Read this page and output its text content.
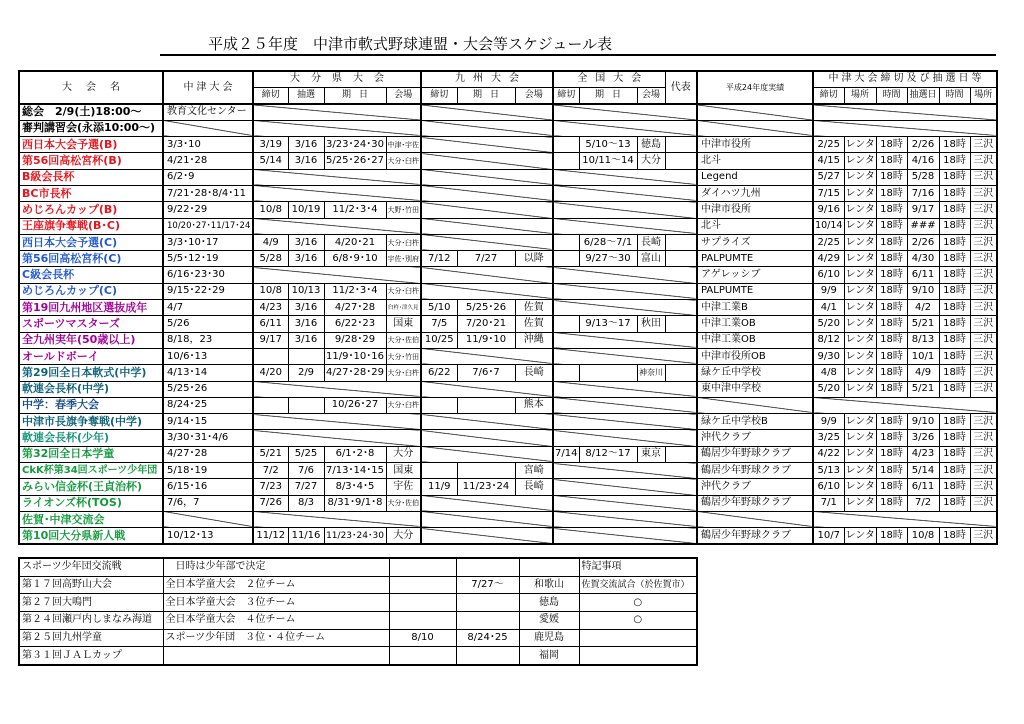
平成２５年度　中津市軟式野球連盟・大会等スケジュール表
大会名	中津大会	大分県大会				九州大会			全国大会			代表	平成24年度実績	中津大会締切及び抽選日等					
		締切	抽選	期日	会場	締切	期日	会場	締切	期日	会場			締切	場所	時間	抽選日	時間	場所
総会　2/9(土)18:00～	教育文化センター																		
審判講習会(永添10:00～)																			
西日本大会予選(B)	3/3･10	3/19	3/16	3/23･24･30	中津･宇佐					5/10～13	徳島		中津市役所	2/25	レンタ	18時	2/26	18時	三沢
第56回高松宮杯(B)	4/21･28	5/14	3/16	5/25･26･27	大分･臼杵					10/11～14	大分		北斗	4/15	レンタ	18時	4/16	18時	三沢
B級会長杯	6/2･9												Legend	5/27	レンタ	18時	5/28	18時	三沢
BC市長杯	7/21･28･8/4･11												ダイハツ九州	7/15	レンタ	18時	7/16	18時	三沢
めじろんカップ(B)	9/22･29	10/8	10/19	11/2･3･4	大野･竹田								中津市役所	9/16	レンタ	18時	9/17	18時	三沢
王座旗争奪戦(B･C)	10/20･27･11/17･24												北斗	10/14	レンタ	18時	###	18時	三沢
西日本大会予選(C)	3/3･10･17	4/9	3/16	4/20･21	大分･臼杵					6/28～7/1	長崎		サプライズ	2/25	レンタ	18時	2/26	18時	三沢
第56回高松宮杯(C)	5/5･12･19	5/28	3/16	6/8･9･10	宇佐･別府	7/12	7/27	以降		9/27～30	富山		PALPUMTE	4/29	レンタ	18時	4/30	18時	三沢
C級会長杯	6/16･23･30												アゲレッシブ	6/10	レンタ	18時	6/11	18時	三沢
めじろんカップ(C)	9/15･22･29	10/8	10/13	11/2･3･4	大分･臼杵								PALPUMTE	9/9	レンタ	18時	9/10	18時	三沢
第19回九州地区選抜成年	4/7	4/23	3/16	4/27･28	臼杵･津久見	5/10	5/25･26	佐賀					中津工業B	4/1	レンタ	18時	4/2	18時	三沢
スポーツマスターズ	5/26	6/11	3/16	6/22･23	国東	7/5	7/20･21	佐賀		9/13～17	秋田		中津工業OB	5/20	レンタ	18時	5/21	18時	三沢
全九州実年(50歳以上)	8/18，23	9/17	3/16	9/28･29	大分･佐伯	10/25	11/9･10	沖縄					中津工業OB	8/12	レンタ	18時	8/13	18時	三沢
オールドボーイ	10/6･13			11/9･10･16	大分･竹田								中津市役所OB	9/30	レンタ	18時	10/1	18時	三沢
第29回全日本軟式(中学)	4/13･14	4/20	2/9	4/27･28･29	大分･臼杵	6/22	7/6･7	長崎			神奈川		緑ケ丘中学校	4/8	レンタ	18時	4/9	18時	三沢
軟連会長杯(中学)	5/25･26												東中津中学校	5/20	レンタ	18時	5/21	18時	三沢
中学：春季大会	8/24･25			10/26･27	大分･臼杵			熊本											
中津市長旗争奪戦(中学)	9/14･15												緑ケ丘中学校B	9/9	レンタ	18時	9/10	18時	三沢
軟連会長杯(少年)	3/30･31･4/6												沖代クラブ	3/25	レンタ	18時	3/26	18時	三沢
第32回全日本学童	4/27･28	5/21	5/25	6/1･2･8	大分				7/14	8/12～17	東京		鶴居少年野球クラブ	4/22	レンタ	18時	4/23	18時	三沢
CkK杯第34回スポーツ少年団	5/18･19	7/2	7/6	7/13･14･15	国東			宮崎					鶴居少年野球クラブ	5/13	レンタ	18時	5/14	18時	三沢
みらい信金杯(王貞治杯)	6/15･16	7/23	7/27	8/3･4･5	宇佐	11/9	11/23･24	長崎					沖代クラブ	6/10	レンタ	18時	6/11	18時	三沢
ライオンズ杯(TOS)	7/6，7	7/26	8/3	8/31･9/1･8	大分･佐伯								鶴居少年野球クラブ	7/1	レンタ	18時	7/2	18時	三沢
佐賀･中津交流会																			
第10回大分県新人戦	10/12･13	11/12	11/16	11/23･24･30	大分								鶴居少年野球クラブ	10/7	レンタ	18時	10/8	18時	三沢
スポーツ少年団交流戦	日時は少年部で決定				特記事項
第１７回高野山大会	全日本学童大会　２位チーム		7/27～	和歌山	佐賀交流試合（於佐賀市）
第２７回大鳴門	全日本学童大会　３位チーム			徳島	○
第２４回瀬戸内しまなみ海道	全日本学童大会　４位チーム			愛媛	○
第２５回九州学童	スポーツ少年団　３位・４位チーム	8/10	8/24･25	鹿児島	
第３１回ＪＡＬカップ				福岡	
